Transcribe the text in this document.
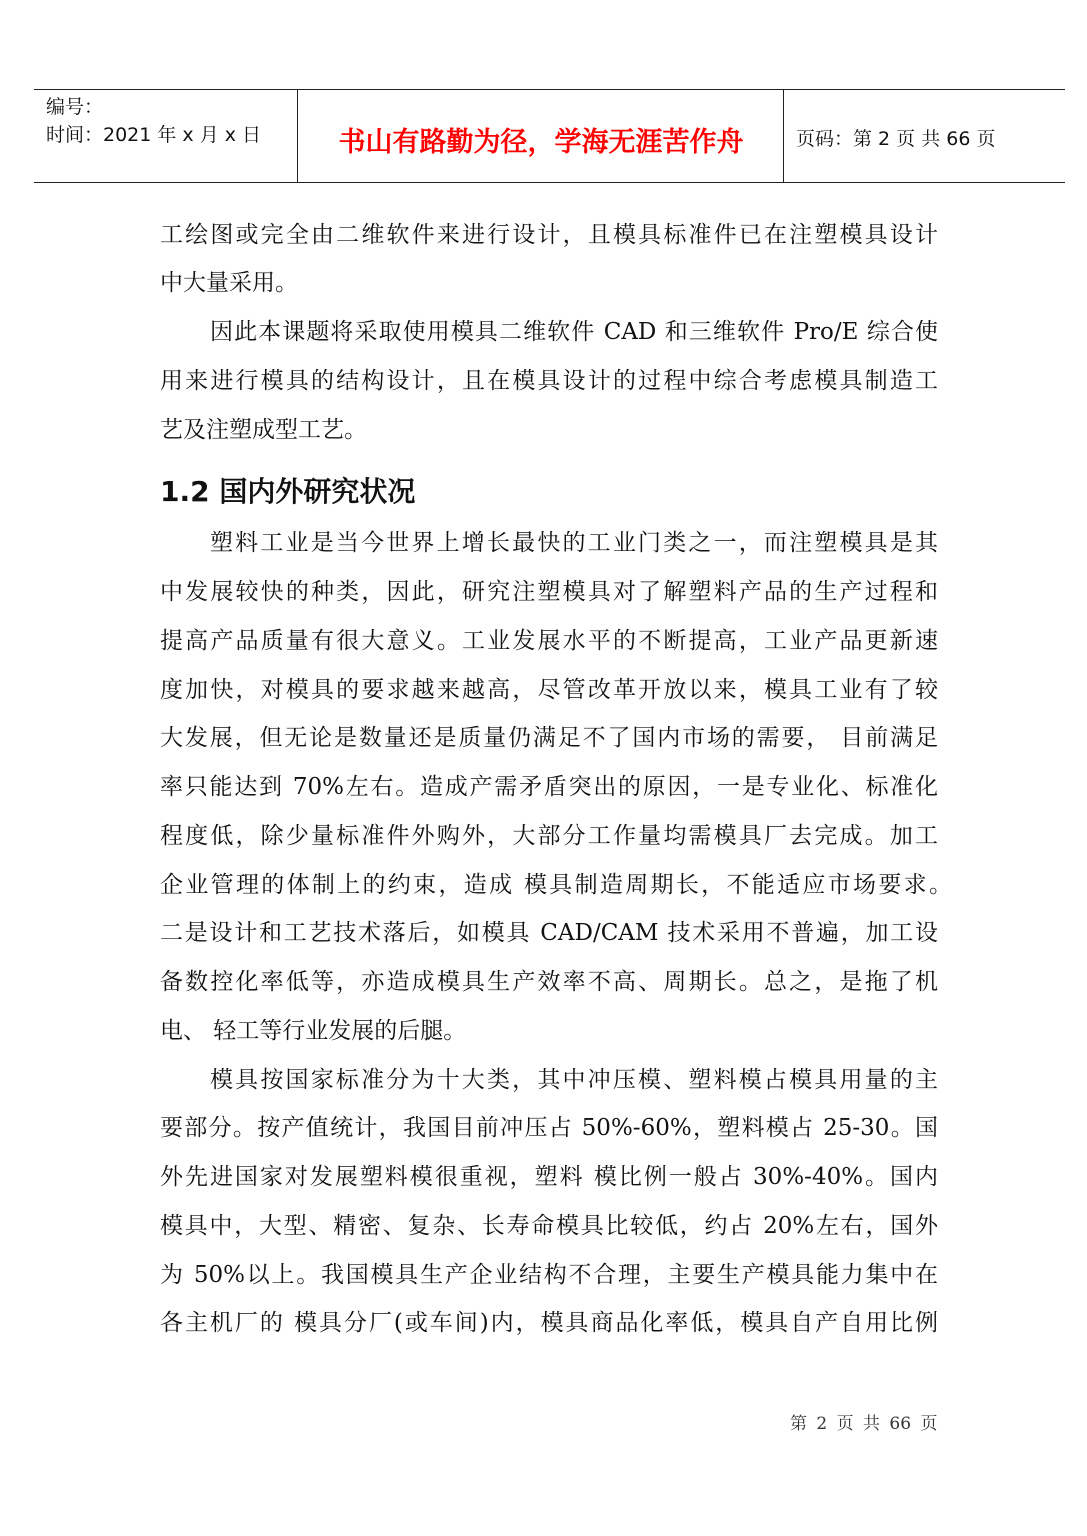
编号：
时间：2021 年 x 月 x 日	书山有路勤为径，学海无涯苦作舟	页码：第 2 页 共 66 页
工绘图或完全由二维软件来进行设计，且模具标准件已在注塑模具设计
中大量采用。
因此本课题将采取使用模具二维软件 CAD 和三维软件 Pro/E 综合使
用来进行模具的结构设计，且在模具设计的过程中综合考虑模具制造工
艺及注塑成型工艺。
塑料工业是当今世界上增长最快的工业门类之一，而注塑模具是其
中发展较快的种类，因此，研究注塑模具对了解塑料产品的生产过程和
提高产品质量有很大意义。工业发展水平的不断提高，工业产品更新速
度加快，对模具的要求越来越高，尽管改革开放以来，模具工业有了较
大发展，但无论是数量还是质量仍满足不了国内市场的需要， 目前满足
率只能达到 70%左右。造成产需矛盾突出的原因，一是专业化、标准化
程度低，除少量标准件外购外，大部分工作量均需模具厂去完成。加工
企业管理的体制上的约束，造成 模具制造周期长，不能适应市场要求。
二是设计和工艺技术落后，如模具 CAD/CAM 技术采用不普遍，加工设
备数控化率低等，亦造成模具生产效率不高、周期长。总之，是拖了机
电、 轻工等行业发展的后腿。
模具按国家标准分为十大类，其中冲压模、塑料模占模具用量的主
要部分。按产值统计，我国目前冲压占 50%-60%，塑料模占 25-30。国
外先进国家对发展塑料模很重视，塑料 模比例一般占 30%-40%。国内
模具中，大型、精密、复杂、长寿命模具比较低，约占 20%左右，国外
为 50%以上。我国模具生产企业结构不合理，主要生产模具能力集中在
各主机厂的 模具分厂(或车间)内，模具商品化率低，模具自产自用比例
1.2 国内外研究状况
第 2 页 共 66 页
